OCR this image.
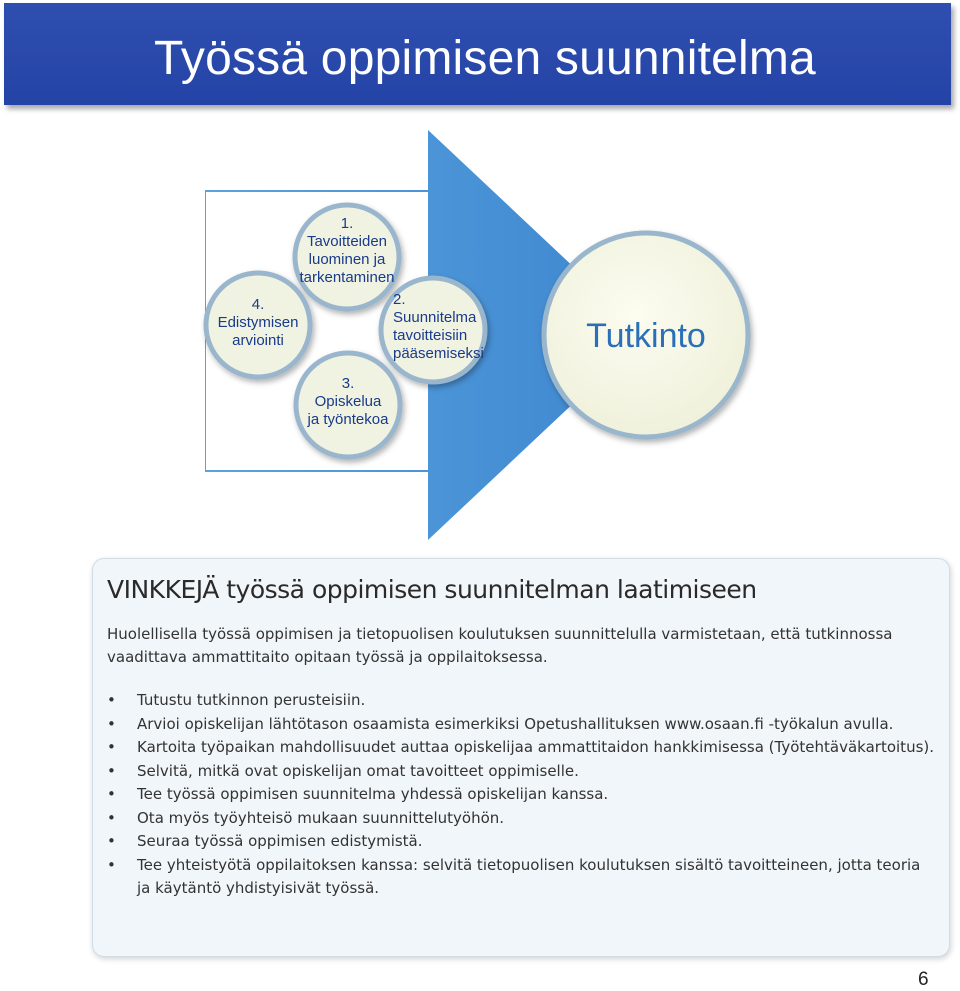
Työssä oppimisen suunnitelma
1.
Tavoitteiden
luominen ja
tarkentaminen
2.
Suunnitelma
tavoitteisiin
pääsemiseksi
3.
Opiskelua
ja työntekoa
4.
Edistymisen
arviointi	Tutkinto
VINKKEJÄ työssä oppimisen suunnitelman laatimiseen
Huolellisella työssä oppimisen ja tietopuolisen koulutuksen suunnittelulla varmistetaan, että tutkinnossa vaadittava ammattitaito opitaan työssä ja oppilaitoksessa.
• Tutustu tutkinnon perusteisiin.
• Arvioi opiskelijan lähtötason osaamista esimerkiksi Opetushallituksen www.osaan.fi -työkalun avulla.
• Kartoita työpaikan mahdollisuudet auttaa opiskelijaa ammattitaidon hankkimisessa (Työtehtäväkartoitus).
• Selvitä, mitkä ovat opiskelijan omat tavoitteet oppimiselle.
• Tee työssä oppimisen suunnitelma yhdessä opiskelijan kanssa.
• Ota myös työyhteisö mukaan suunnittelutyöhön.
• Seuraa työssä oppimisen edistymistä.
• Tee yhteistyötä oppilaitoksen kanssa: selvitä tietopuolisen koulutuksen sisältö tavoitteineen, jotta teoria ja käytäntö yhdistyisivät työssä.
6
